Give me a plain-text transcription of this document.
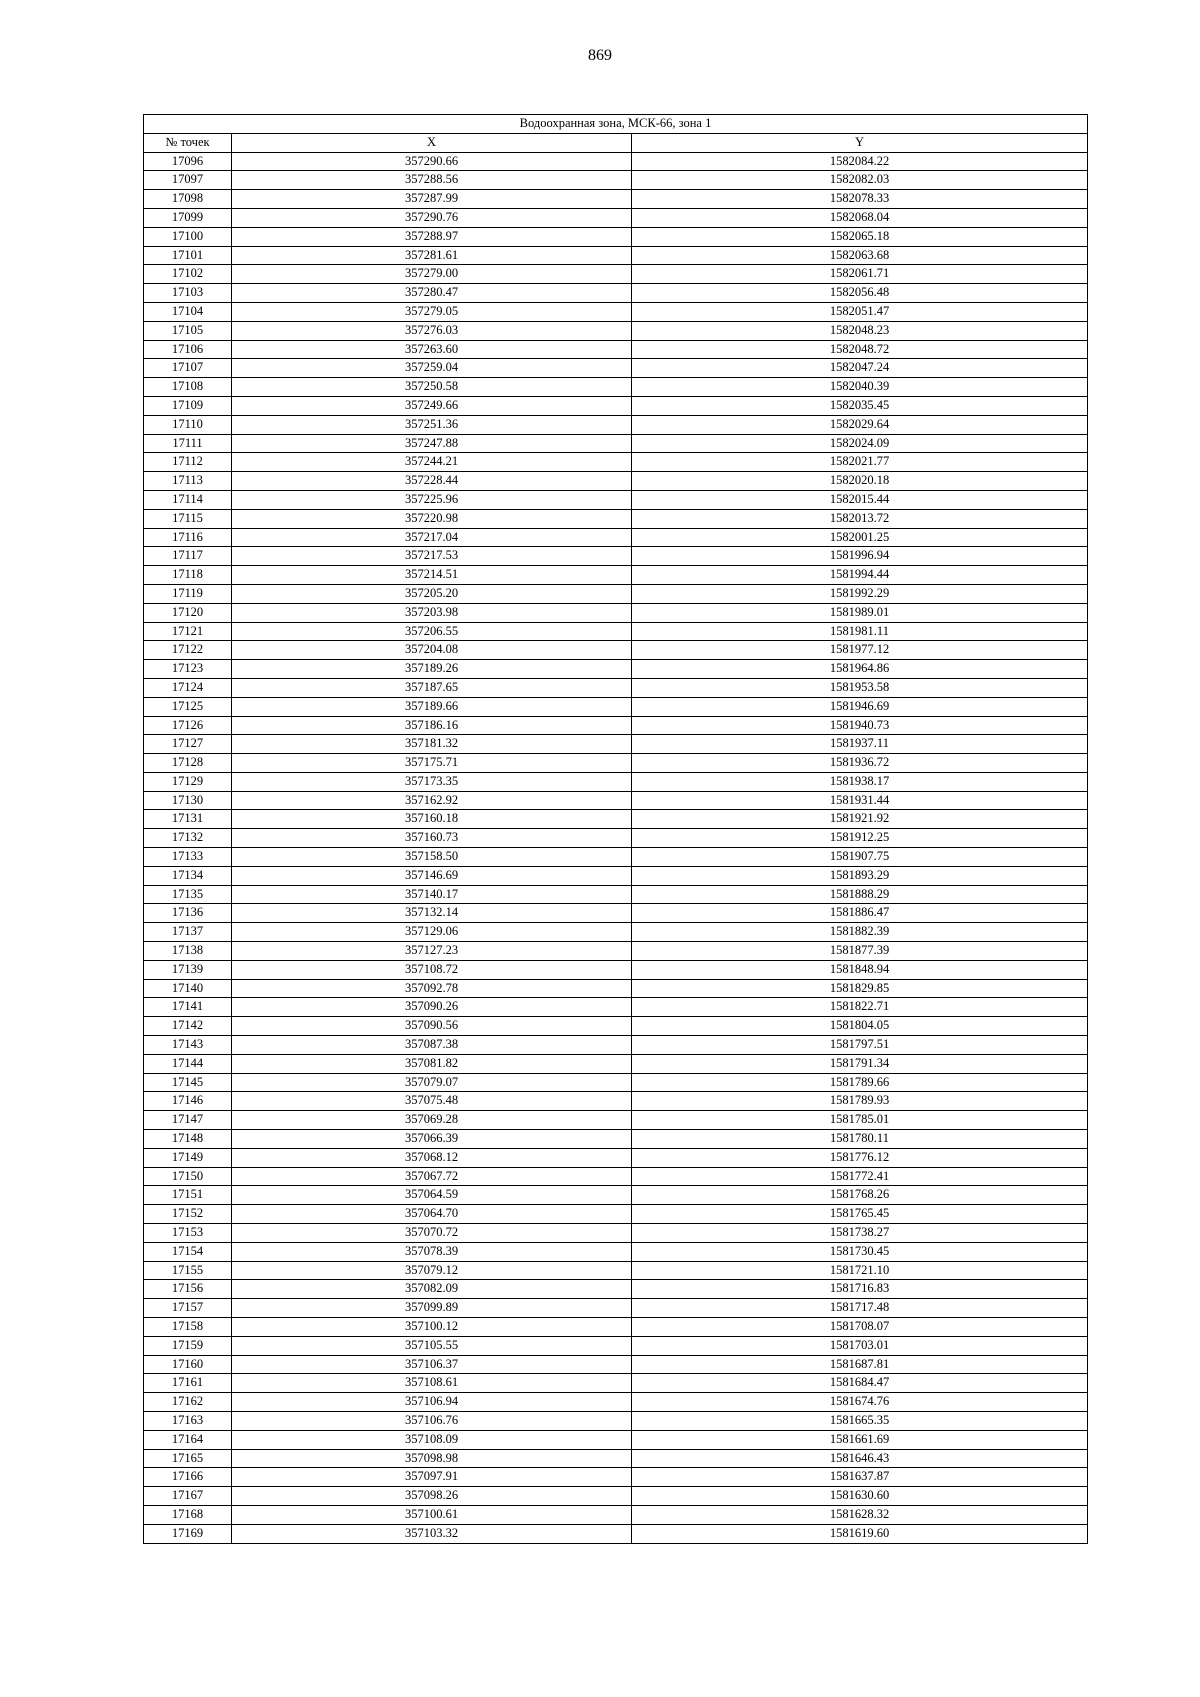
869
Водоохранная зона, МСК-66, зона 1		
№ точек	X	Y
17096	357290.66	1582084.22
17097	357288.56	1582082.03
17098	357287.99	1582078.33
17099	357290.76	1582068.04
17100	357288.97	1582065.18
17101	357281.61	1582063.68
17102	357279.00	1582061.71
17103	357280.47	1582056.48
17104	357279.05	1582051.47
17105	357276.03	1582048.23
17106	357263.60	1582048.72
17107	357259.04	1582047.24
17108	357250.58	1582040.39
17109	357249.66	1582035.45
17110	357251.36	1582029.64
17111	357247.88	1582024.09
17112	357244.21	1582021.77
17113	357228.44	1582020.18
17114	357225.96	1582015.44
17115	357220.98	1582013.72
17116	357217.04	1582001.25
17117	357217.53	1581996.94
17118	357214.51	1581994.44
17119	357205.20	1581992.29
17120	357203.98	1581989.01
17121	357206.55	1581981.11
17122	357204.08	1581977.12
17123	357189.26	1581964.86
17124	357187.65	1581953.58
17125	357189.66	1581946.69
17126	357186.16	1581940.73
17127	357181.32	1581937.11
17128	357175.71	1581936.72
17129	357173.35	1581938.17
17130	357162.92	1581931.44
17131	357160.18	1581921.92
17132	357160.73	1581912.25
17133	357158.50	1581907.75
17134	357146.69	1581893.29
17135	357140.17	1581888.29
17136	357132.14	1581886.47
17137	357129.06	1581882.39
17138	357127.23	1581877.39
17139	357108.72	1581848.94
17140	357092.78	1581829.85
17141	357090.26	1581822.71
17142	357090.56	1581804.05
17143	357087.38	1581797.51
17144	357081.82	1581791.34
17145	357079.07	1581789.66
17146	357075.48	1581789.93
17147	357069.28	1581785.01
17148	357066.39	1581780.11
17149	357068.12	1581776.12
17150	357067.72	1581772.41
17151	357064.59	1581768.26
17152	357064.70	1581765.45
17153	357070.72	1581738.27
17154	357078.39	1581730.45
17155	357079.12	1581721.10
17156	357082.09	1581716.83
17157	357099.89	1581717.48
17158	357100.12	1581708.07
17159	357105.55	1581703.01
17160	357106.37	1581687.81
17161	357108.61	1581684.47
17162	357106.94	1581674.76
17163	357106.76	1581665.35
17164	357108.09	1581661.69
17165	357098.98	1581646.43
17166	357097.91	1581637.87
17167	357098.26	1581630.60
17168	357100.61	1581628.32
17169	357103.32	1581619.60
